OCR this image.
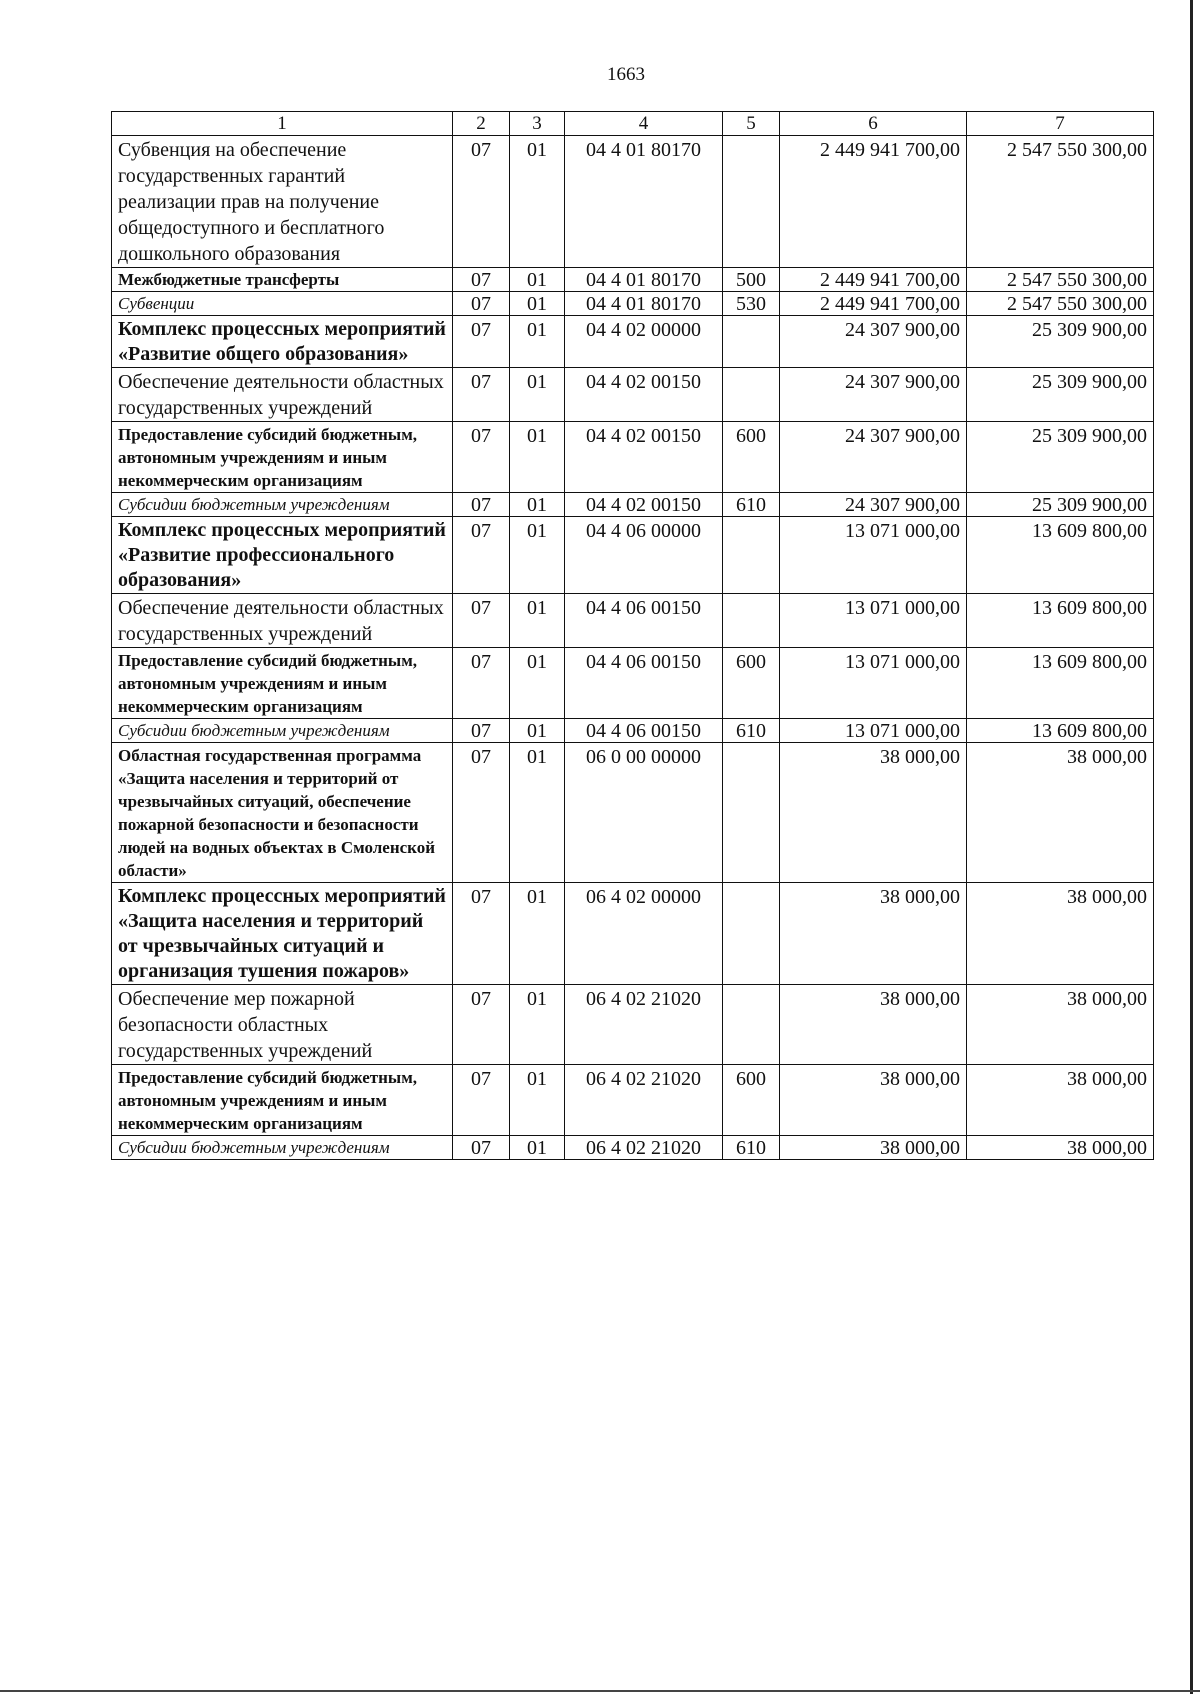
1663
1	2	3	4	5	6	7
Субвенция на обеспечение государственных гарантий реализации прав на получение общедоступного и бесплатного дошкольного образования	07	01	04 4 01 80170		2 449 941 700,00	2 547 550 300,00
Межбюджетные трансферты	07	01	04 4 01 80170	500	2 449 941 700,00	2 547 550 300,00
Субвенции	07	01	04 4 01 80170	530	2 449 941 700,00	2 547 550 300,00
Комплекс процессных мероприятий «Развитие общего образования»	07	01	04 4 02 00000		24 307 900,00	25 309 900,00
Обеспечение деятельности областных государственных учреждений	07	01	04 4 02 00150		24 307 900,00	25 309 900,00
Предоставление субсидий бюджетным, автономным учреждениям и иным некоммерческим организациям	07	01	04 4 02 00150	600	24 307 900,00	25 309 900,00
Субсидии бюджетным учреждениям	07	01	04 4 02 00150	610	24 307 900,00	25 309 900,00
Комплекс процессных мероприятий «Развитие профессионального образования»	07	01	04 4 06 00000		13 071 000,00	13 609 800,00
Обеспечение деятельности областных государственных учреждений	07	01	04 4 06 00150		13 071 000,00	13 609 800,00
Предоставление субсидий бюджетным, автономным учреждениям и иным некоммерческим организациям	07	01	04 4 06 00150	600	13 071 000,00	13 609 800,00
Субсидии бюджетным учреждениям	07	01	04 4 06 00150	610	13 071 000,00	13 609 800,00
Областная государственная программа «Защита населения и территорий от чрезвычайных ситуаций, обеспечение пожарной безопасности и безопасности людей на водных объектах в Смоленской области»	07	01	06 0 00 00000		38 000,00	38 000,00
Комплекс процессных мероприятий «Защита населения и территорий от чрезвычайных ситуаций и организация тушения пожаров»	07	01	06 4 02 00000		38 000,00	38 000,00
Обеспечение мер пожарной безопасности областных государственных учреждений	07	01	06 4 02 21020		38 000,00	38 000,00
Предоставление субсидий бюджетным, автономным учреждениям и иным некоммерческим организациям	07	01	06 4 02 21020	600	38 000,00	38 000,00
Субсидии бюджетным учреждениям	07	01	06 4 02 21020	610	38 000,00	38 000,00
